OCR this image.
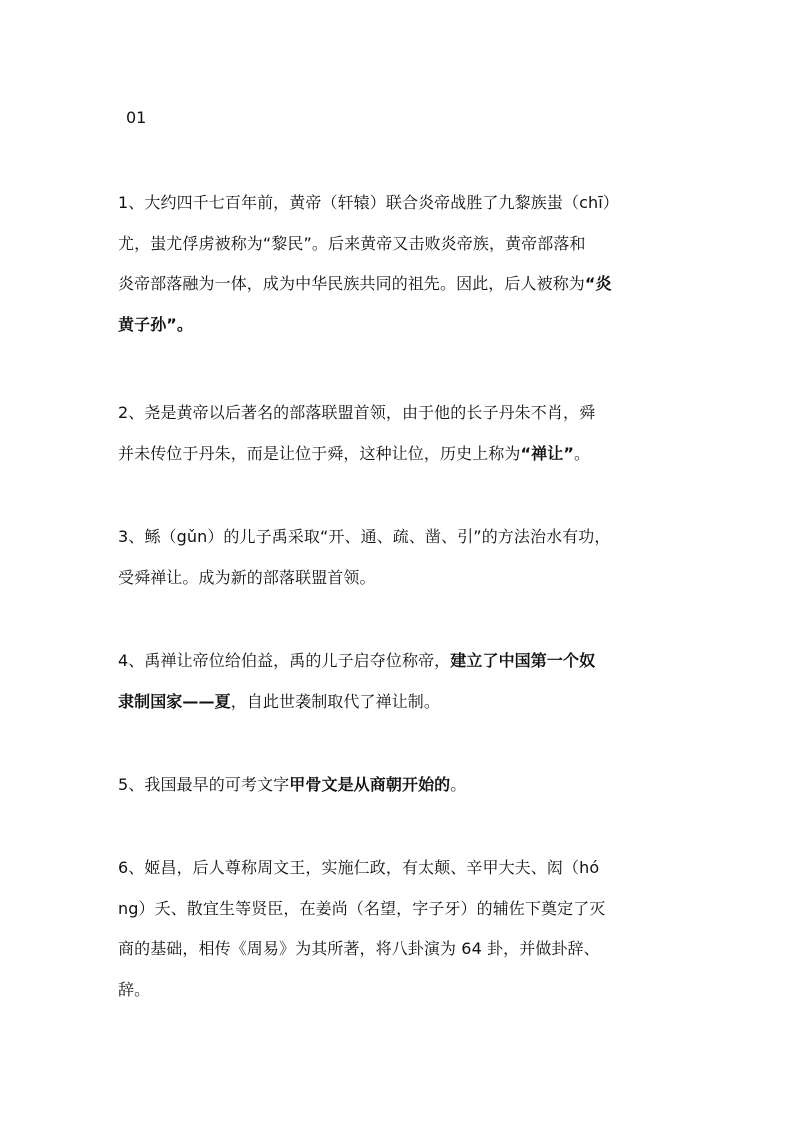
01
1、大约四千七百年前，黄帝（轩辕）联合炎帝战胜了九黎族蚩（chī）
尤，蚩尤俘虏被称为“黎民”。后来黄帝又击败炎帝族，黄帝部落和
炎帝部落融为一体，成为中华民族共同的祖先。因此，后人被称为“炎
黄子孙”。
2、尧是黄帝以后著名的部落联盟首领，由于他的长子丹朱不肖，舜
并未传位于丹朱，而是让位于舜，这种让位，历史上称为“禅让”。
3、鲧（gǔn）的儿子禹采取“开、通、疏、凿、引”的方法治水有功，
受舜禅让。成为新的部落联盟首领。
4、禹禅让帝位给伯益，禹的儿子启夺位称帝，建立了中国第一个奴
隶制国家——夏，自此世袭制取代了禅让制。
5、我国最早的可考文字甲骨文是从商朝开始的。
6、姬昌，后人尊称周文王，实施仁政，有太颠、辛甲大夫、闳（hó
ng）夭、散宜生等贤臣，在姜尚（名望，字子牙）的辅佐下奠定了灭
商的基础，相传《周易》为其所著，将八卦演为 64 卦，并做卦辞、
辞。
